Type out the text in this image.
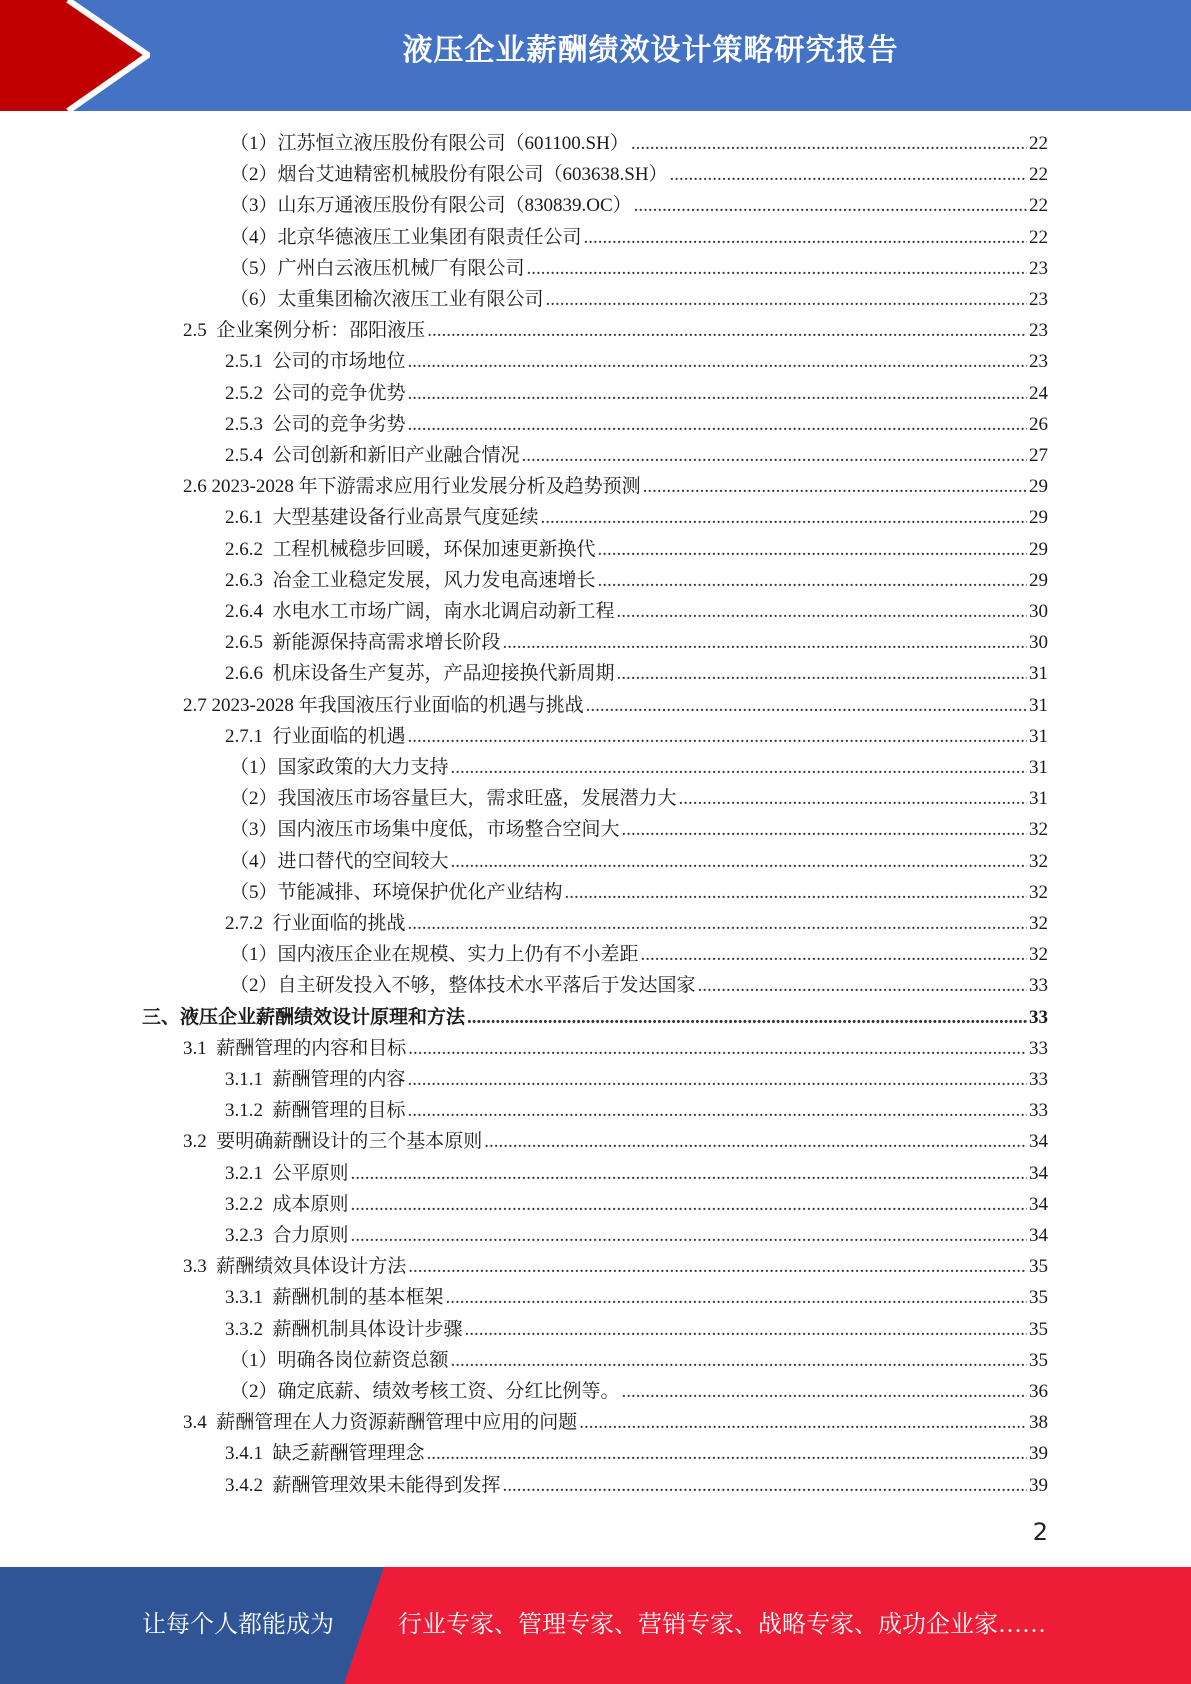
液压企业薪酬绩效设计策略研究报告
（1）江苏恒立液压股份有限公司（601100.SH） .....	22
（2）烟台艾迪精密机械股份有限公司（603638.SH） .....	22
（3）山东万通液压股份有限公司（830839.OC） .....	22
（4）北京华德液压工业集团有限责任公司 .....	22
（5）广州白云液压机械厂有限公司 .....	23
（6）太重集团榆次液压工业有限公司 .....	23
2.5  企业案例分析：邵阳液压 .....	23
2.5.1  公司的市场地位 .....	23
2.5.2  公司的竞争优势 .....	24
2.5.3  公司的竞争劣势 .....	26
2.5.4  公司创新和新旧产业融合情况 .....	27
2.6 2023-2028 年下游需求应用行业发展分析及趋势预测 .....	29
2.6.1  大型基建设备行业高景气度延续 .....	29
2.6.2  工程机械稳步回暖，环保加速更新换代 .....	29
2.6.3  冶金工业稳定发展，风力发电高速增长 .....	29
2.6.4  水电水工市场广阔，南水北调启动新工程 .....	30
2.6.5  新能源保持高需求增长阶段 .....	30
2.6.6  机床设备生产复苏，产品迎接换代新周期 .....	31
2.7 2023-2028 年我国液压行业面临的机遇与挑战 .....	31
2.7.1  行业面临的机遇 .....	31
（1）国家政策的大力支持 .....	31
（2）我国液压市场容量巨大，需求旺盛，发展潜力大 .....	31
（3）国内液压市场集中度低，市场整合空间大 .....	32
（4）进口替代的空间较大 .....	32
（5）节能减排、环境保护优化产业结构 .....	32
2.7.2  行业面临的挑战 .....	32
（1）国内液压企业在规模、实力上仍有不小差距 .....	32
（2）自主研发投入不够，整体技术水平落后于发达国家 .....	33
三、液压企业薪酬绩效设计原理和方法 .....	33
3.1  薪酬管理的内容和目标 .....	33
3.1.1  薪酬管理的内容 .....	33
3.1.2  薪酬管理的目标 .....	33
3.2  要明确薪酬设计的三个基本原则 .....	34
3.2.1  公平原则 .....	34
3.2.2  成本原则 .....	34
3.2.3  合力原则 .....	34
3.3  薪酬绩效具体设计方法 .....	35
3.3.1  薪酬机制的基本框架 .....	35
3.3.2  薪酬机制具体设计步骤 .....	35
（1）明确各岗位薪资总额 .....	35
（2）确定底薪、绩效考核工资、分红比例等。 .....	36
3.4  薪酬管理在人力资源薪酬管理中应用的问题 .....	38
3.4.1  缺乏薪酬管理理念 .....	39
3.4.2  薪酬管理效果未能得到发挥 .....	39
2
让每个人都能成为	行业专家、管理专家、营销专家、战略专家、成功企业家……
